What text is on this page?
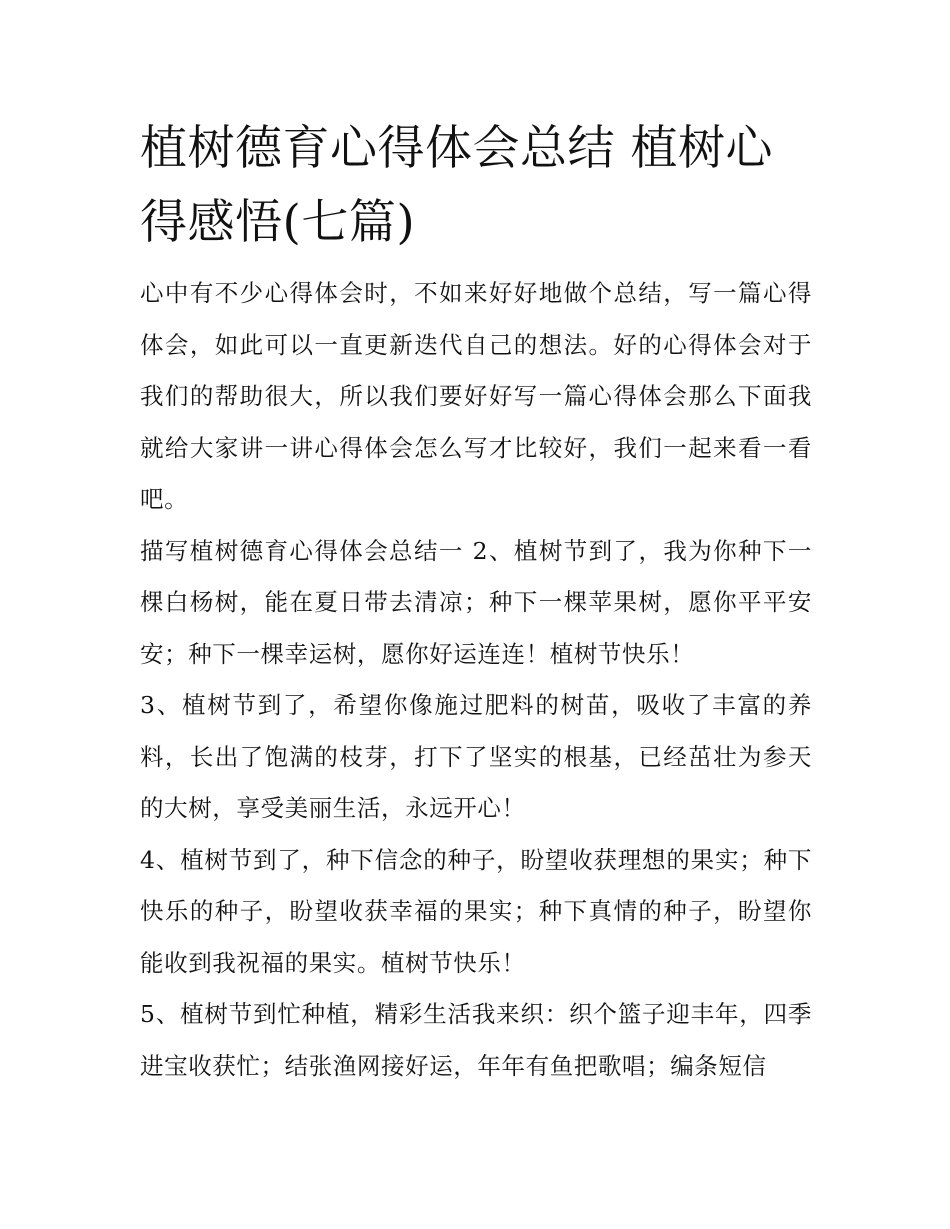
植树德育心得体会总结 植树心得感悟(七篇)

心中有不少心得体会时，不如来好好地做个总结，写一篇心得体会，如此可以一直更新迭代自己的想法。好的心得体会对于我们的帮助很大，所以我们要好好写一篇心得体会那么下面我就给大家讲一讲心得体会怎么写才比较好，我们一起来看一看吧。

描写植树德育心得体会总结一 2、植树节到了，我为你种下一棵白杨树，能在夏日带去清凉；种下一棵苹果树，愿你平平安安；种下一棵幸运树，愿你好运连连！植树节快乐！

3、植树节到了，希望你像施过肥料的树苗，吸收了丰富的养料，长出了饱满的枝芽，打下了坚实的根基，已经茁壮为参天的大树，享受美丽生活，永远开心！

4、植树节到了，种下信念的种子，盼望收获理想的果实；种下快乐的种子，盼望收获幸福的果实；种下真情的种子，盼望你能收到我祝福的果实。植树节快乐！

5、植树节到忙种植，精彩生活我来织：织个篮子迎丰年，四季进宝收获忙；结张渔网接好运，年年有鱼把歌唱；编条短信
